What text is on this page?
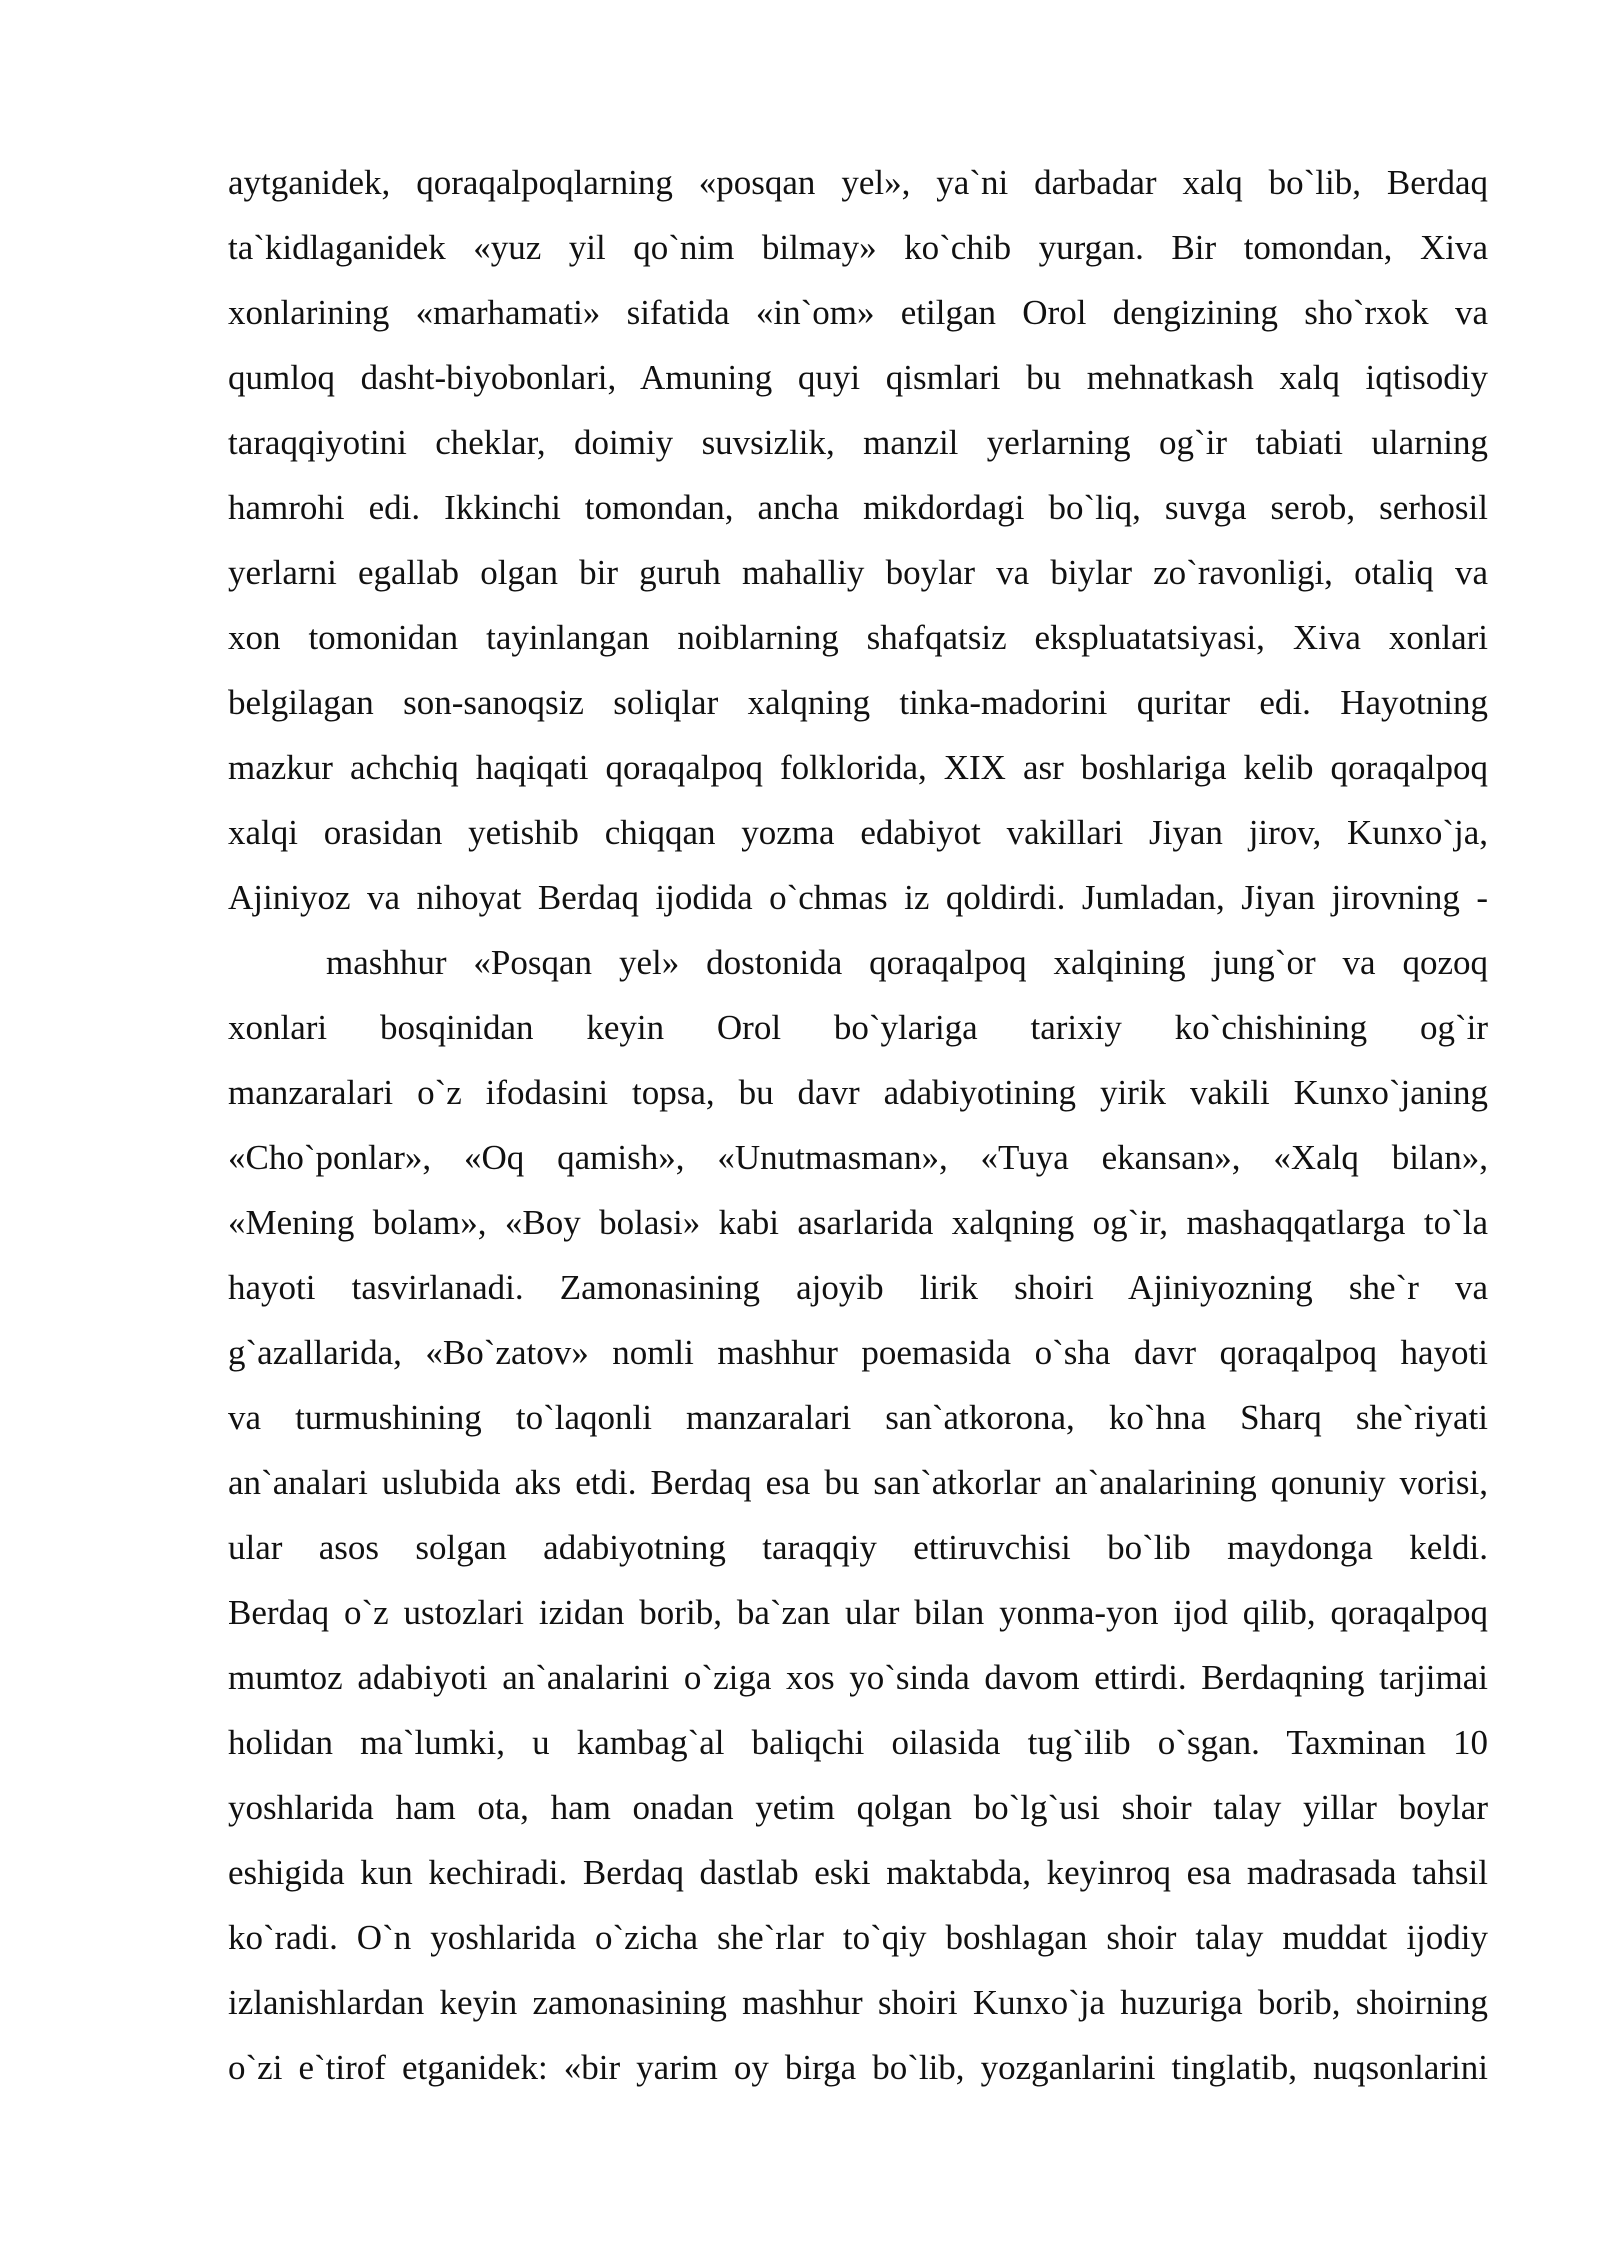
aytganidek, qoraqalpoqlarning «posqan yel», ya`ni darbadar xalq bo`lib, Berdaq
ta`kidlaganidek «yuz yil qo`nim bilmay» ko`chib yurgan. Bir tomondan, Xiva
xonlarining «marhamati» sifatida «in`om» etilgan Orol dengizining sho`rxok va
qumloq dasht-biyobonlari, Amuning quyi qismlari bu mehnatkash xalq iqtisodiy
taraqqiyotini cheklar, doimiy suvsizlik, manzil yerlarning og`ir tabiati ularning
hamrohi edi. Ikkinchi tomondan, ancha mikdordagi bo`liq, suvga serob, serhosil
yerlarni egallab olgan bir guruh mahalliy boylar va biylar zo`ravonligi, otaliq va
xon tomonidan tayinlangan noiblarning shafqatsiz ekspluatatsiyasi, Xiva xonlari
belgilagan son-sanoqsiz soliqlar xalqning tinka-madorini quritar edi. Hayotning
mazkur achchiq haqiqati qoraqalpoq folklorida, XIX asr boshlariga kelib qoraqalpoq
xalqi orasidan yetishib chiqqan yozma edabiyot vakillari Jiyan jirov, Kunxo`ja,
Ajiniyoz va nihoyat Berdaq ijodida o`chmas iz qoldirdi. Jumladan, Jiyan jirovning -
mashhur «Posqan yel» dostonida qoraqalpoq xalqining jung`or va qozoq
xonlari bosqinidan keyin Orol bo`ylariga tarixiy ko`chishining og`ir
manzaralari o`z ifodasini topsa, bu davr adabiyotining yirik vakili Kunxo`janing
«Cho`ponlar», «Oq qamish», «Unutmasman», «Tuya ekansan», «Xalq bilan»,
«Mening bolam», «Boy bolasi» kabi asarlarida xalqning og`ir, mashaqqatlarga to`la
hayoti tasvirlanadi. Zamonasining ajoyib lirik shoiri Ajiniyozning she`r va
g`azallarida, «Bo`zatov» nomli mashhur poemasida o`sha davr qoraqalpoq hayoti
va turmushining to`laqonli manzaralari san`atkorona, ko`hna Sharq she`riyati
an`analari uslubida aks etdi. Berdaq esa bu san`atkorlar an`analarining qonuniy vorisi,
ular asos solgan adabiyotning taraqqiy ettiruvchisi bo`lib maydonga keldi.
Berdaq o`z ustozlari izidan borib, ba`zan ular bilan yonma-yon ijod qilib, qoraqalpoq
mumtoz adabiyoti an`analarini o`ziga xos yo`sinda davom ettirdi. Berdaqning tarjimai
holidan ma`lumki, u kambag`al baliqchi oilasida tug`ilib o`sgan. Taxminan 10
yoshlarida ham ota, ham onadan yetim qolgan bo`lg`usi shoir talay yillar boylar
eshigida kun kechiradi. Berdaq dastlab eski maktabda, keyinroq esa madrasada tahsil
ko`radi. O`n yoshlarida o`zicha she`rlar to`qiy boshlagan shoir talay muddat ijodiy
izlanishlardan keyin zamonasining mashhur shoiri Kunxo`ja huzuriga borib, shoirning
o`zi e`tirof etganidek: «bir yarim oy birga bo`lib, yozganlarini tinglatib, nuqsonlarini
